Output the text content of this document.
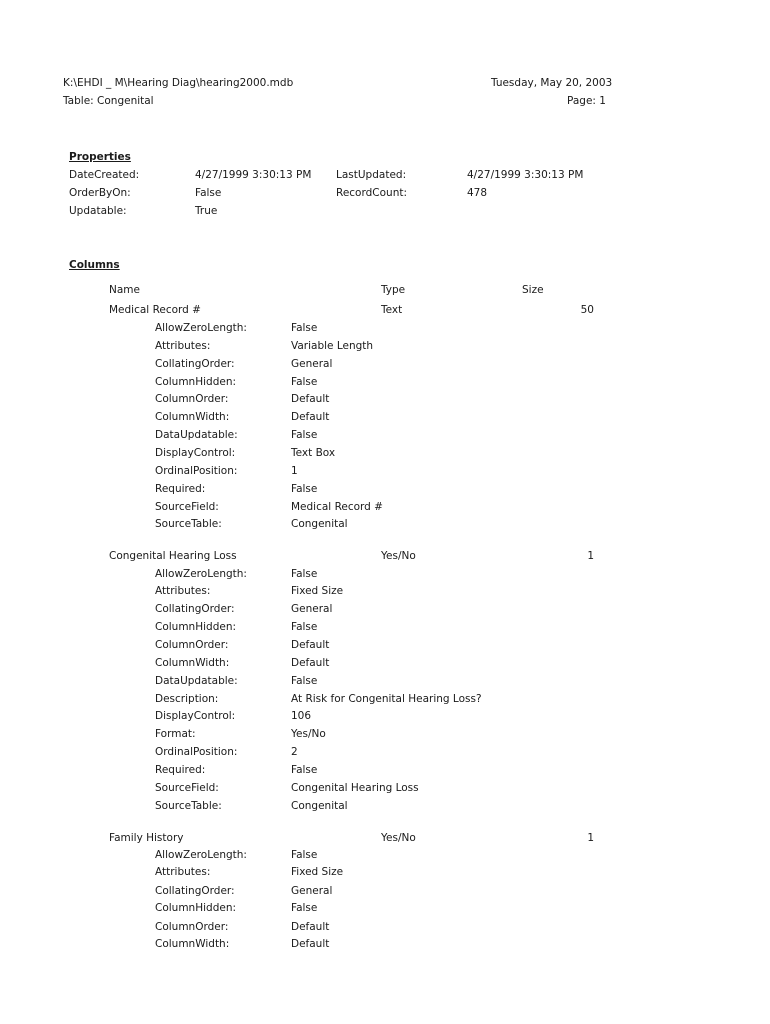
K:\EHDI _ M\Hearing Diag\hearing2000.mdb	Tuesday, May 20, 2003
Table: Congenital	Page: 1
Properties
DateCreated:	4/27/1999 3:30:13 PM LastUpdated:	4/27/1999 3:30:13 PM
OrderByOn:	False	RecordCount:	478
Updatable:	True
Columns
Name	Type	Size
Medical Record #	Text	50
AllowZeroLength:	False
Attributes:	Variable Length
CollatingOrder:	General
ColumnHidden:	False
ColumnOrder:	Default
ColumnWidth:	Default
DataUpdatable:	False
DisplayControl:	Text Box
OrdinalPosition:	1
Required:	False
SourceField:	Medical Record #
SourceTable:	Congenital
Congenital Hearing Loss	Yes/No	1
AllowZeroLength:	False
Attributes:	Fixed Size
CollatingOrder:	General
ColumnHidden:	False
ColumnOrder:	Default
ColumnWidth:	Default
DataUpdatable:	False
Description:	At Risk for Congenital Hearing Loss?
DisplayControl:	106
Format:	Yes/No
OrdinalPosition:	2
Required:	False
SourceField:	Congenital Hearing Loss
SourceTable:	Congenital
Family History	Yes/No	1
AllowZeroLength:	False
Attributes:	Fixed Size
CollatingOrder:	General
ColumnHidden:	False
ColumnOrder:	Default
ColumnWidth:	Default
